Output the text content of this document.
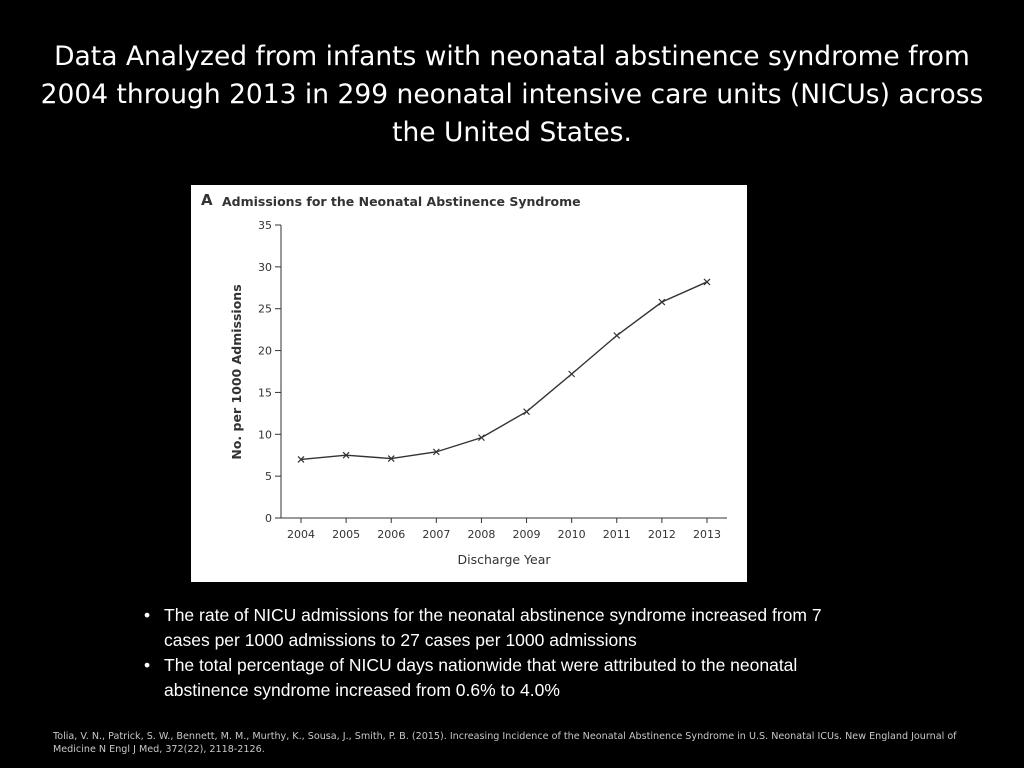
Data Analyzed from infants with neonatal abstinence syndrome from 2004 through 2013 in 299 neonatal intensive care units (NICUs) across the United States.
A Admissions for the Neonatal Abstinence Syndrome
No. per 1000 Admissions
Discharge Year
0
5
10
15
20
25
30
35
2004 2005 2006 2007 2008 2009 2010 2011 2012 2013
• The rate of NICU admissions for the neonatal abstinence syndrome increased from 7 cases per 1000 admissions to 27 cases per 1000 admissions
• The total percentage of NICU days nationwide that were attributed to the neonatal abstinence syndrome increased from 0.6% to 4.0%

Tolia, V. N., Patrick, S. W., Bennett, M. M., Murthy, K., Sousa, J., Smith, P. B. (2015). Increasing Incidence of the Neonatal Abstinence Syndrome in U.S. Neonatal ICUs. New England Journal of Medicine N Engl J Med, 372(22), 2118-2126.
